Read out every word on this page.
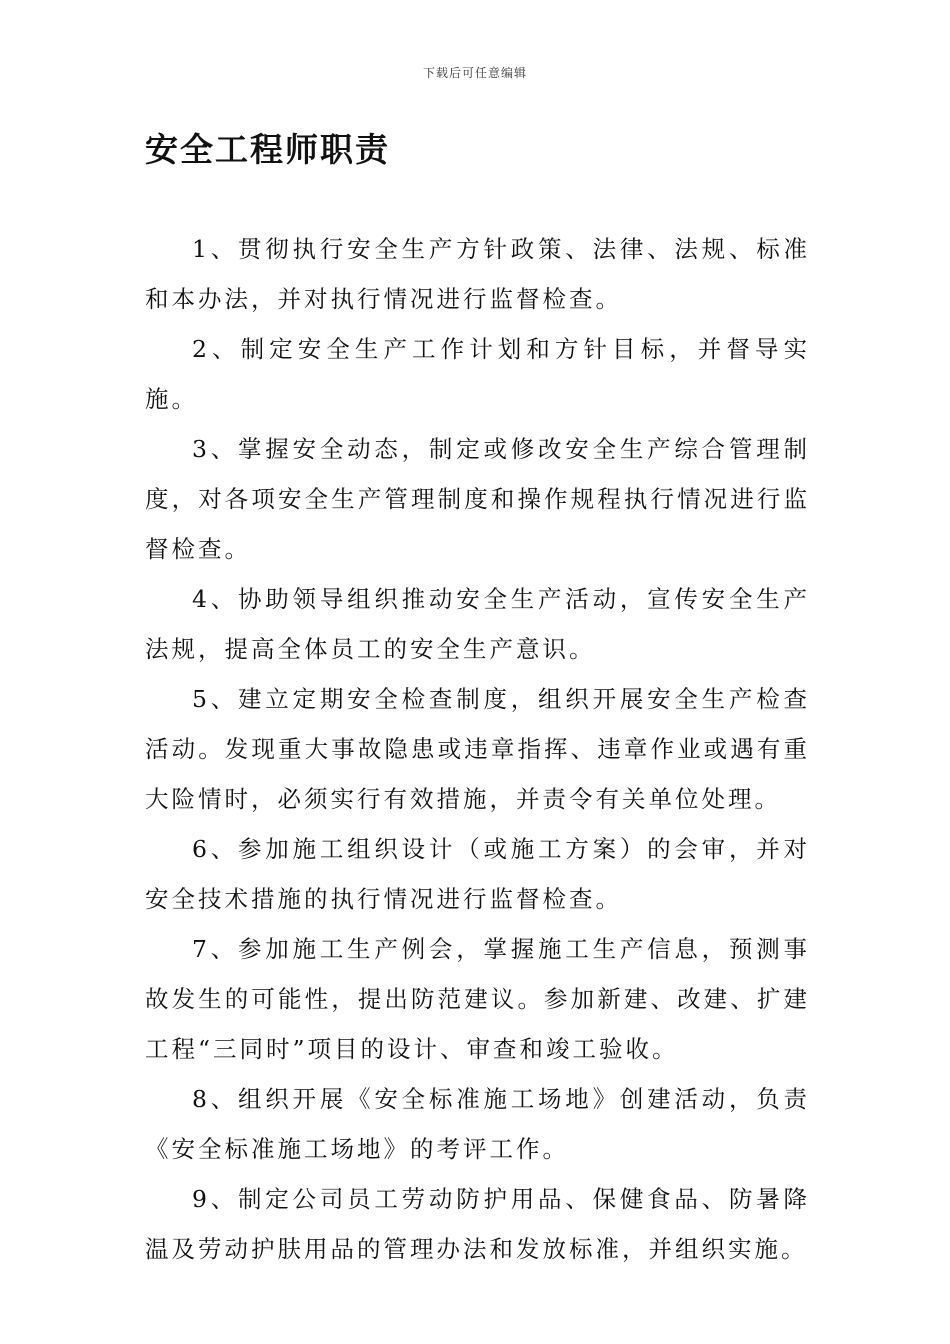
下载后可任意编辑
安全工程师职责

1、贯彻执行安全生产方针政策、法律、法规、标准和本办法，并对执行情况进行监督检查。

2、制定安全生产工作计划和方针目标，并督导实施。

3、掌握安全动态，制定或修改安全生产综合管理制度，对各项安全生产管理制度和操作规程执行情况进行监督检查。

4、协助领导组织推动安全生产活动，宣传安全生产法规，提高全体员工的安全生产意识。

5、建立定期安全检查制度，组织开展安全生产检查活动。发现重大事故隐患或违章指挥、违章作业或遇有重大险情时，必须实行有效措施，并责令有关单位处理。

6、参加施工组织设计（或施工方案）的会审，并对安全技术措施的执行情况进行监督检查。

7、参加施工生产例会，掌握施工生产信息，预测事故发生的可能性，提出防范建议。参加新建、改建、扩建工程“三同时”项目的设计、审查和竣工验收。

8、组织开展《安全标准施工场地》创建活动，负责《安全标准施工场地》的考评工作。

9、制定公司员工劳动防护用品、保健食品、防暑降温及劳动护肤用品的管理办法和发放标准，并组织实施。
